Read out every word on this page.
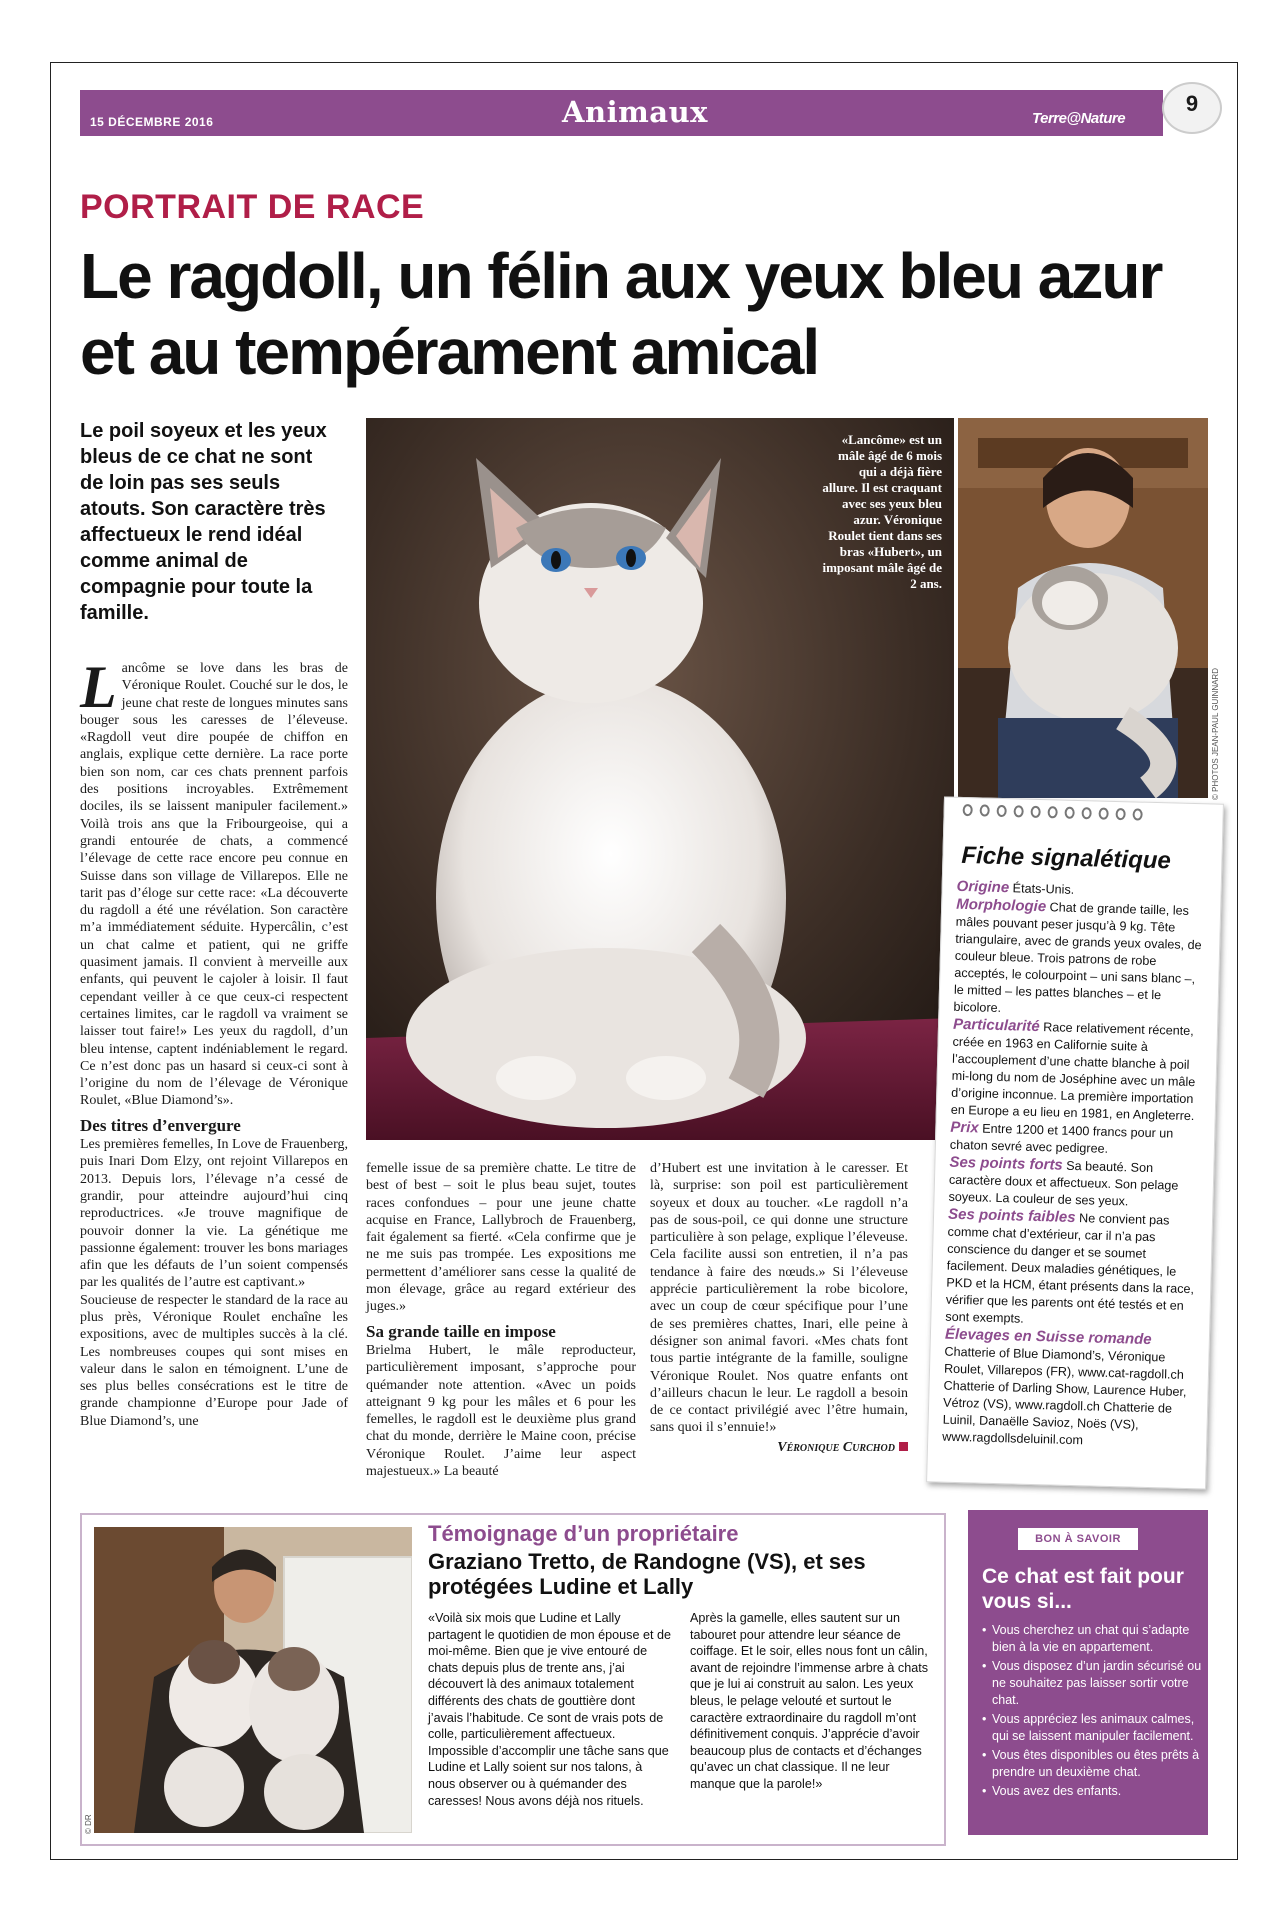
15 DÉCEMBRE 2016	Animaux	Terre@Nature
9
PORTRAIT DE RACE
Le ragdoll, un félin aux yeux bleu azur et au tempérament amical
Le poil soyeux et les yeux bleus de ce chat ne sont de loin pas ses seuls atouts. Son caractère très affectueux le rend idéal comme animal de compagnie pour toute la famille.
«Lancôme» est un mâle âgé de 6 mois qui a déjà fière allure. Il est craquant avec ses yeux bleu azur. Véronique Roulet tient dans ses bras «Hubert», un imposant mâle âgé de 2 ans.
© PHOTOS JEAN-PAUL GUINNARD

Lancôme se love dans les bras de Véronique Roulet. Couché sur le dos, le jeune chat reste de longues minutes sans bouger sous les caresses de l’éleveuse. «Ragdoll veut dire poupée de chiffon en anglais, explique cette dernière. La race porte bien son nom, car ces chats prennent parfois des positions incroyables. Extrêmement dociles, ils se laissent manipuler facilement.» Voilà trois ans que la Fribourgeoise, qui a grandi entourée de chats, a commencé l’élevage de cette race encore peu connue en Suisse dans son village de Villarepos. Elle ne tarit pas d’éloge sur cette race: «La découverte du ragdoll a été une révélation. Son caractère m’a immédiatement séduite. Hypercâlin, c’est un chat calme et patient, qui ne griffe quasiment jamais. Il convient à merveille aux enfants, qui peuvent le cajoler à loisir. Il faut cependant veiller à ce que ceux-ci respectent certaines limites, car le ragdoll va vraiment se laisser tout faire!» Les yeux du ragdoll, d’un bleu intense, captent indéniablement le regard. Ce n’est donc pas un hasard si ceux-ci sont à l’origine du nom de l’élevage de Véronique Roulet, «Blue Diamond’s».

Des titres d’envergure

Les premières femelles, In Love de Frauenberg, puis Inari Dom Elzy, ont rejoint Villarepos en 2013. Depuis lors, l’élevage n’a cessé de grandir, pour atteindre aujourd’hui cinq reproductrices. «Je trouve magnifique de pouvoir donner la vie. La génétique me passionne également: trouver les bons mariages afin que les défauts de l’un soient compensés par les qualités de l’autre est captivant.»

Soucieuse de respecter le standard de la race au plus près, Véronique Roulet enchaîne les expositions, avec de multiples succès à la clé. Les nombreuses coupes qui sont mises en valeur dans le salon en témoignent. L’une de ses plus belles consécrations est le titre de grande championne d’Europe pour Jade of Blue Diamond’s, une

femelle issue de sa première chatte. Le titre de best of best – soit le plus beau sujet, toutes races confondues – pour une jeune chatte acquise en France, Lallybroch de Frauenberg, fait également sa fierté. «Cela confirme que je ne me suis pas trompée. Les expositions me permettent d’améliorer sans cesse la qualité de mon élevage, grâce au regard extérieur des juges.»

Sa grande taille en impose

Brielma Hubert, le mâle reproducteur, particulièrement imposant, s’approche pour quémander note attention. «Avec un poids atteignant 9 kg pour les mâles et 6 pour les femelles, le ragdoll est le deuxième plus grand chat du monde, derrière le Maine coon, précise Véronique Roulet. J’aime leur aspect majestueux.» La beauté

d’Hubert est une invitation à le caresser. Et là, surprise: son poil est particulièrement soyeux et doux au toucher. «Le ragdoll n’a pas de sous-poil, ce qui donne une structure particulière à son pelage, explique l’éleveuse. Cela facilite aussi son entretien, il n’a pas tendance à faire des nœuds.» Si l’éleveuse apprécie particulièrement la robe bicolore, avec un coup de cœur spécifique pour l’une de ses premières chattes, Inari, elle peine à désigner son animal favori. «Mes chats font tous partie intégrante de la famille, souligne Véronique Roulet. Nos quatre enfants ont d’ailleurs chacun le leur. Le ragdoll a besoin de ce contact privilégié avec l’être humain, sans quoi il s’ennuie!»

Véronique Curchod
Fiche signalétique
Origine États-Unis.
Morphologie Chat de grande taille, les mâles pouvant peser jusqu’à 9 kg. Tête triangulaire, avec de grands yeux ovales, de couleur bleue. Trois patrons de robe acceptés, le colourpoint – uni sans blanc –, le mitted – les pattes blanches – et le bicolore.
Particularité Race relativement récente, créée en 1963 en Californie suite à l’accouplement d’une chatte blanche à poil mi-long du nom de Joséphine avec un mâle d’origine inconnue. La première importation en Europe a eu lieu en 1981, en Angleterre.
Prix Entre 1200 et 1400 francs pour un chaton sevré avec pedigree.
Ses points forts Sa beauté. Son caractère doux et affectueux. Son pelage soyeux. La couleur de ses yeux.
Ses points faibles Ne convient pas comme chat d’extérieur, car il n’a pas conscience du danger et se soumet facilement. Deux maladies génétiques, le PKD et la HCM, étant présents dans la race, vérifier que les parents ont été testés et en sont exempts.
Élevages en Suisse romande
Chatterie of Blue Diamond’s, Véronique Roulet, Villarepos (FR), www.cat-ragdoll.ch Chatterie of Darling Show, Laurence Huber, Vétroz (VS), www.ragdoll.ch Chatterie de Luinil, Danaëlle Savioz, Noës (VS), www.ragdollsdeluinil.com
© DR
Témoignage d’un propriétaire
Graziano Tretto, de Randogne (VS), et ses protégées Ludine et Lally
«Voilà six mois que Ludine et Lally partagent le quotidien de mon épouse et de moi-même. Bien que je vive entouré de chats depuis plus de trente ans, j’ai découvert là des animaux totalement différents des chats de gouttière dont j’avais l’habitude. Ce sont de vrais pots de colle, particulièrement affectueux. Impossible d’accomplir une tâche sans que Ludine et Lally soient sur nos talons, à nous observer ou à quémander des caresses! Nous avons déjà nos rituels.
Après la gamelle, elles sautent sur un tabouret pour attendre leur séance de coiffage. Et le soir, elles nous font un câlin, avant de rejoindre l’immense arbre à chats que je lui ai construit au salon. Les yeux bleus, le pelage velouté et surtout le caractère extraordinaire du ragdoll m’ont définitivement conquis. J’apprécie d’avoir beaucoup plus de contacts et d’échanges qu’avec un chat classique. Il ne leur manque que la parole!»
BON À SAVOIR
Ce chat est fait pour vous si...
• Vous cherchez un chat qui s’adapte bien à la vie en appartement.
• Vous disposez d’un jardin sécurisé ou ne souhaitez pas laisser sortir votre chat.
• Vous appréciez les animaux calmes, qui se laissent manipuler facilement.
• Vous êtes disponibles ou êtes prêts à prendre un deuxième chat.
• Vous avez des enfants.
